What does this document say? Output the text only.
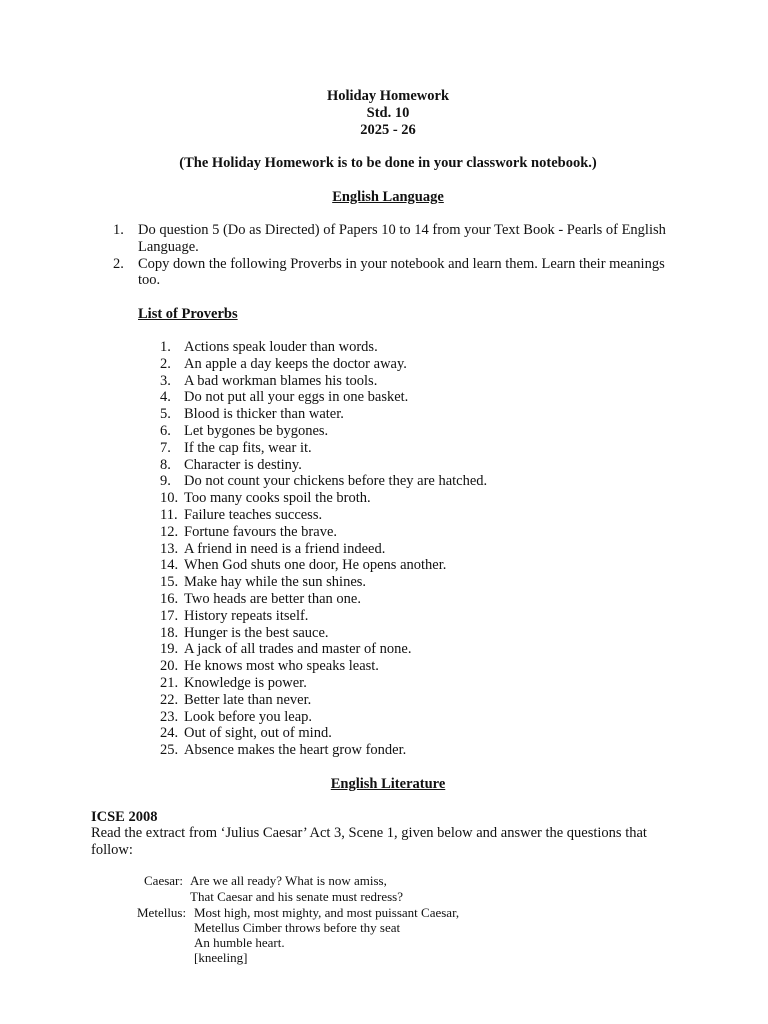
Holiday Homework
Std. 10
2025 - 26
(The Holiday Homework is to be done in your classwork notebook.)
English Language
1. Do question 5 (Do as Directed) of Papers 10 to 14 from your Text Book - Pearls of English Language.
2. Copy down the following Proverbs in your notebook and learn them. Learn their meanings too.
List of Proverbs
1. Actions speak louder than words.
2. An apple a day keeps the doctor away.
3. A bad workman blames his tools.
4. Do not put all your eggs in one basket.
5. Blood is thicker than water.
6. Let bygones be bygones.
7. If the cap fits, wear it.
8. Character is destiny.
9. Do not count your chickens before they are hatched.
10. Too many cooks spoil the broth.
11. Failure teaches success.
12. Fortune favours the brave.
13. A friend in need is a friend indeed.
14. When God shuts one door, He opens another.
15. Make hay while the sun shines.
16. Two heads are better than one.
17. History repeats itself.
18. Hunger is the best sauce.
19. A jack of all trades and master of none.
20. He knows most who speaks least.
21. Knowledge is power.
22. Better late than never.
23. Look before you leap.
24. Out of sight, out of mind.
25. Absence makes the heart grow fonder.
English Literature
ICSE 2008
Read the extract from ‘Julius Caesar’ Act 3, Scene 1, given below and answer the questions that follow:
Caesar: Are we all ready? What is now amiss,
That Caesar and his senate must redress?
Metellus: Most high, most mighty, and most puissant Caesar,
Metellus Cimber throws before thy seat
An humble heart.
[kneeling]
